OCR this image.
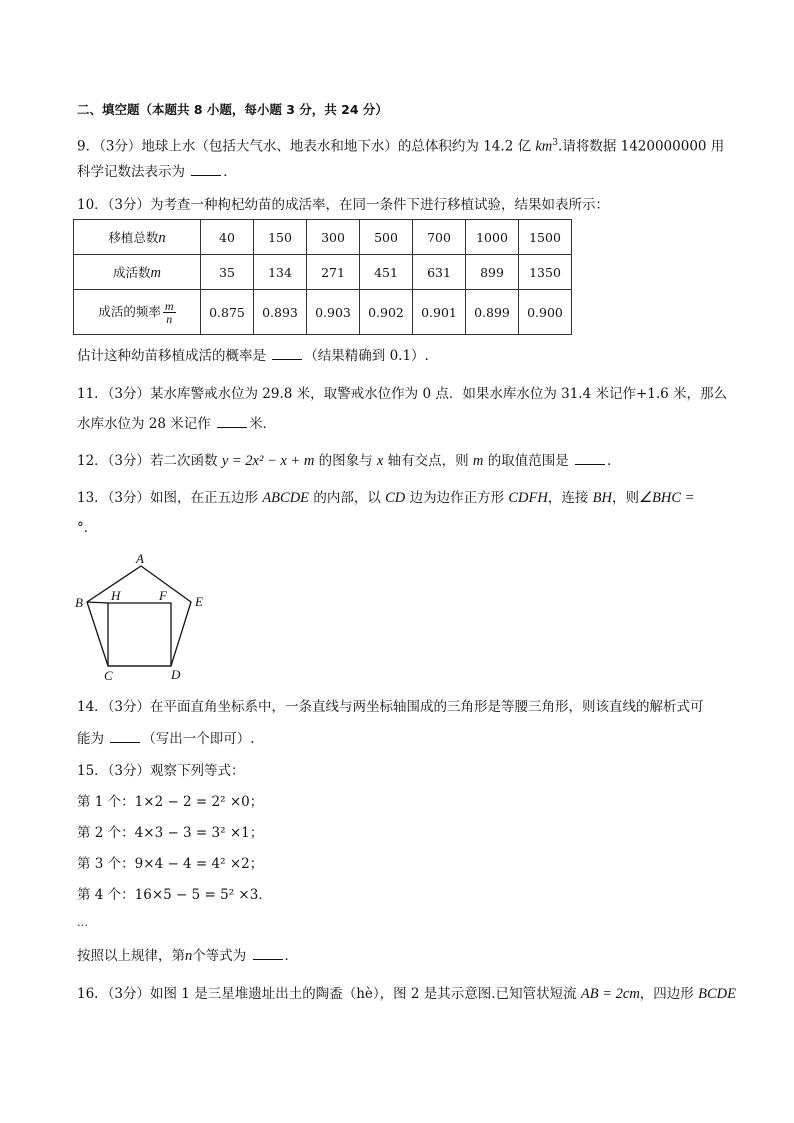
二、填空题（本题共 8 小题，每小题 3 分，共 24 分）
9．（3分）地球上水（包括大气水、地表水和地下水）的总体积约为 14.2 亿 $km^3$.请将数据 1420000000 用
科学记数法表示为	．
10．（3分）为考查一种枸杞幼苗的成活率，在同一条件下进行移植试验，结果如表所示：
移植总数n	40	150	300	500	700	1000	1500
成活数m	35	134	271	451	631	899	1350
成活的频率 $\frac{m}{n}$	0.875	0.893	0.903	0.902	0.901	0.899	0.900
估计这种幼苗移植成活的概率是	（结果精确到 0.1）.
11．（3分）某水库警戒水位为 29.8 米，取警戒水位作为 0 点．如果水库水位为 31.4 米记作+1.6 米，那么
水库水位为 28 米记作	米．
12．（3分）若二次函数 y = 2x² − x + m 的图象与 x 轴有交点，则 m 的取值范围是	．
13．（3分）如图，在正五边形 ABCDE 的内部，以 CD 边为边作正方形 CDFH，连接 BH，则∠BHC =
°．
A
B H	F E
C	D
14．（3分）在平面直角坐标系中，一条直线与两坐标轴围成的三角形是等腰三角形，则该直线的解析式可
能为	（写出一个即可）.
15．（3分）观察下列等式：
第 1 个：1×2 − 2 = 2² ×0；
第 2 个：4×3 − 3 = 3² ×1；
第 3 个：9×4 − 4 = 4² ×2；
第 4 个：16×5 − 5 = 5² ×3．
…
按照以上规律，第n个等式为	．
16．（3分）如图 1 是三星堆遗址出土的陶盉（hè），图 2 是其示意图.已知管状短流 AB = 2cm，四边形 BCDE
